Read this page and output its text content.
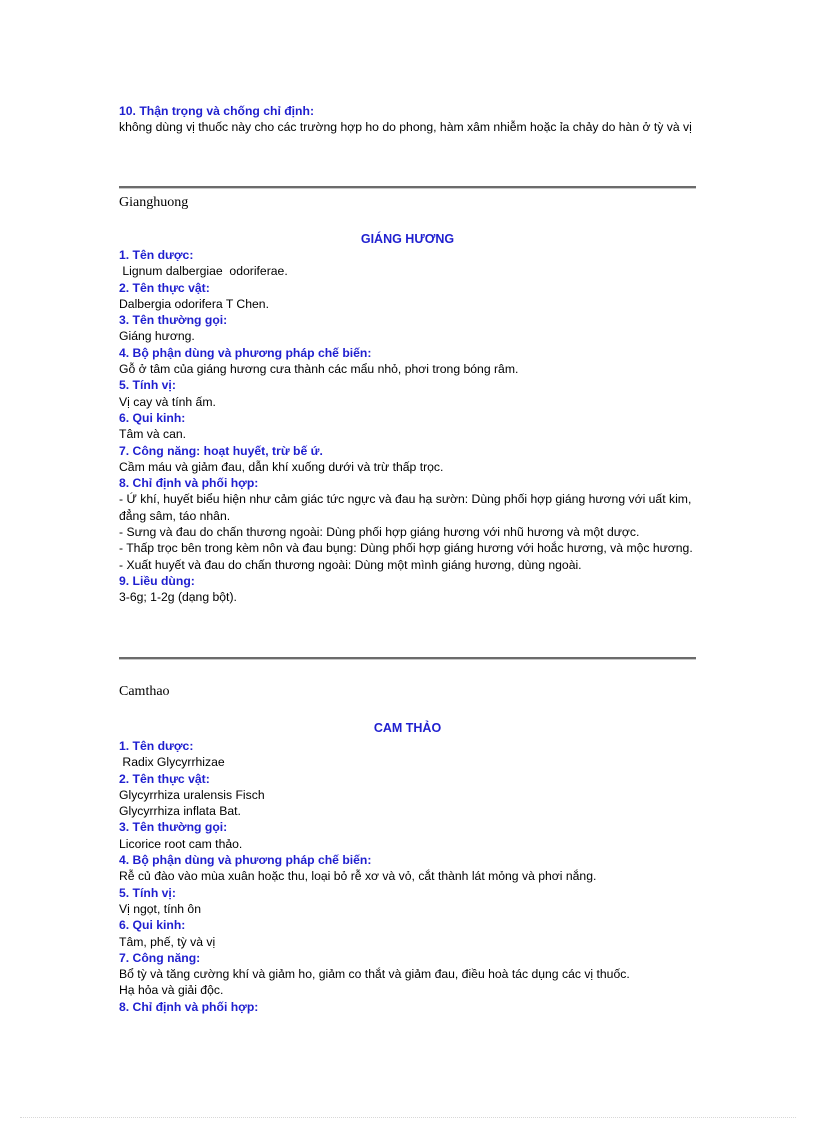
10. Thận trọng và chống chỉ định:
không dùng vị thuốc này cho các trường hợp ho do phong, hàm xâm nhiễm hoặc ỉa chảy do hàn ở tỳ và vị
Gianghuong
GIÁNG HƯƠNG
1. Tên dược:
Lignum dalbergiae  odoriferae.
2. Tên thực vật:
Dalbergia odorifera T Chen.
3. Tên thường gọi:
Giáng hương.
4. Bộ phận dùng và phương pháp chế biến:
Gỗ ở tâm của giáng hương cưa thành các mẩu nhỏ, phơi trong bóng râm.
5. Tính vị:
Vị cay và tính ấm.
6. Qui kinh:
Tâm và can.
7. Công năng: hoạt huyết, trừ bế ứ.
Cầm máu và giảm đau, dẫn khí xuống dưới và trừ thấp trọc.
8. Chỉ định và phối hợp:
- Ứ khí, huyết biểu hiện như cảm giác tức ngực và đau hạ sườn: Dùng phối hợp giáng hương với uất kim, đẳng sâm, táo nhân.
- Sưng và đau do chấn thương ngoài: Dùng phối hợp giáng hương với nhũ hương và một dược.
- Thấp trọc bên trong kèm nôn và đau bụng: Dùng phối hợp giáng hương với hoắc hương, và mộc hương.
- Xuất huyết và đau do chấn thương ngoài: Dùng một mình giáng hương, dùng ngoài.
9. Liều dùng:
3-6g; 1-2g (dạng bột).
Camthao
CAM THẢO
1. Tên dược:
Radix Glycyrrhizae
2. Tên thực vật:
Glycyrrhiza uralensis Fisch
Glycyrrhiza inflata Bat.
3. Tên thường gọi:
Licorice root cam thảo.
4. Bộ phận dùng và phương pháp chế biến:
Rễ củ đào vào mùa xuân hoặc thu, loại bỏ rễ xơ và vỏ, cắt thành lát mỏng và phơi nắng.
5. Tính vị:
Vị ngọt, tính ôn
6. Qui kinh:
Tâm, phế, tỳ và vị
7. Công năng:
Bổ tỳ và tăng cường khí và giảm ho, giảm co thắt và giảm đau, điều hoà tác dụng các vị thuốc.
Hạ hỏa và giải độc.
8. Chỉ định và phối hợp:
